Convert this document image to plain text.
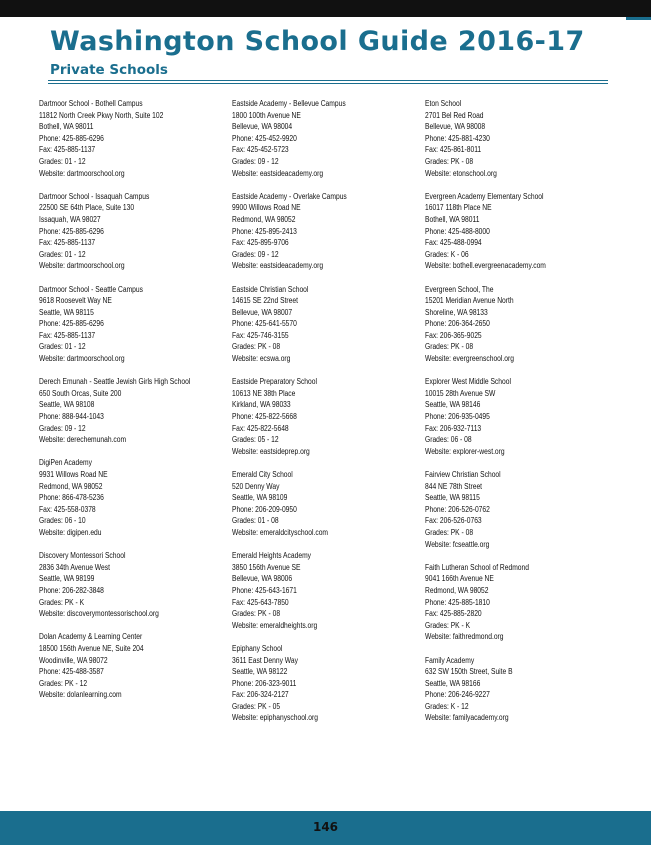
Washington School Guide 2016-17
Private Schools
Dartmoor School - Bothell Campus
11812 North Creek Pkwy North, Suite 102
Bothell, WA 98011
Phone: 425-885-6296
Fax: 425-885-1137
Grades: 01 - 12
Website: dartmoorschool.org
Dartmoor School - Issaquah Campus
22500 SE 64th Place, Suite 130
Issaquah, WA 98027
Phone: 425-885-6296
Fax: 425-885-1137
Grades: 01 - 12
Website: dartmoorschool.org
Dartmoor School - Seattle Campus
9618 Roosevelt Way NE
Seattle, WA 98115
Phone: 425-885-6296
Fax: 425-885-1137
Grades: 01 - 12
Website: dartmoorschool.org
Derech Emunah - Seattle Jewish Girls High School
650 South Orcas, Suite 200
Seattle, WA 98108
Phone: 888-944-1043
Grades: 09 - 12
Website: derechemunah.com
DigiPen Academy
9931 Willows Road NE
Redmond, WA 98052
Phone: 866-478-5236
Fax: 425-558-0378
Grades: 06 - 10
Website: digipen.edu
Discovery Montessori School
2836 34th Avenue West
Seattle, WA 98199
Phone: 206-282-3848
Grades: PK - K
Website: discoverymontessorischool.org
Dolan Academy & Learning Center
18500 156th Avenue NE, Suite 204
Woodinville, WA 98072
Phone: 425-488-3587
Grades: PK - 12
Website: dolanlearning.com
Eastside Academy - Bellevue Campus
1800 100th Avenue NE
Bellevue, WA 98004
Phone: 425-452-9920
Fax: 425-452-5723
Grades: 09 - 12
Website: eastsideacademy.org
Eastside Academy - Overlake Campus
9900 Willows Road NE
Redmond, WA 98052
Phone: 425-895-2413
Fax: 425-895-9706
Grades: 09 - 12
Website: eastsideacademy.org
Eastside Christian School
14615 SE 22nd Street
Bellevue, WA 98007
Phone: 425-641-5570
Fax: 425-746-3155
Grades: PK - 08
Website: ecswa.org
Eastside Preparatory School
10613 NE 38th Place
Kirkland, WA 98033
Phone: 425-822-5668
Fax: 425-822-5648
Grades: 05 - 12
Website: eastsideprep.org
Emerald City School
520 Denny Way
Seattle, WA 98109
Phone: 206-209-0950
Grades: 01 - 08
Website: emeraldcityschool.com
Emerald Heights Academy
3850 156th Avenue SE
Bellevue, WA 98006
Phone: 425-643-1671
Fax: 425-643-7850
Grades: PK - 08
Website: emeraldheights.org
Epiphany School
3611 East Denny Way
Seattle, WA 98122
Phone: 206-323-9011
Fax: 206-324-2127
Grades: PK - 05
Website: epiphanyschool.org
Eton School
2701 Bel Red Road
Bellevue, WA 98008
Phone: 425-881-4230
Fax: 425-861-8011
Grades: PK - 08
Website: etonschool.org
Evergreen Academy Elementary School
16017 118th Place NE
Bothell, WA 98011
Phone: 425-488-8000
Fax: 425-488-0994
Grades: K - 06
Website: bothell.evergreenacademy.com
Evergreen School, The
15201 Meridian Avenue North
Shoreline, WA 98133
Phone: 206-364-2650
Fax: 206-365-9025
Grades: PK - 08
Website: evergreenschool.org
Explorer West Middle School
10015 28th Avenue SW
Seattle, WA 98146
Phone: 206-935-0495
Fax: 206-932-7113
Grades: 06 - 08
Website: explorer-west.org
Fairview Christian School
844 NE 78th Street
Seattle, WA 98115
Phone: 206-526-0762
Fax: 206-526-0763
Grades: PK - 08
Website: fcseattle.org
Faith Lutheran School of Redmond
9041 166th Avenue NE
Redmond, WA 98052
Phone: 425-885-1810
Fax: 425-885-2820
Grades: PK - K
Website: faithredmond.org
Family Academy
632 SW 150th Street, Suite B
Seattle, WA 98166
Phone: 206-246-9227
Grades: K - 12
Website: familyacademy.org
146
